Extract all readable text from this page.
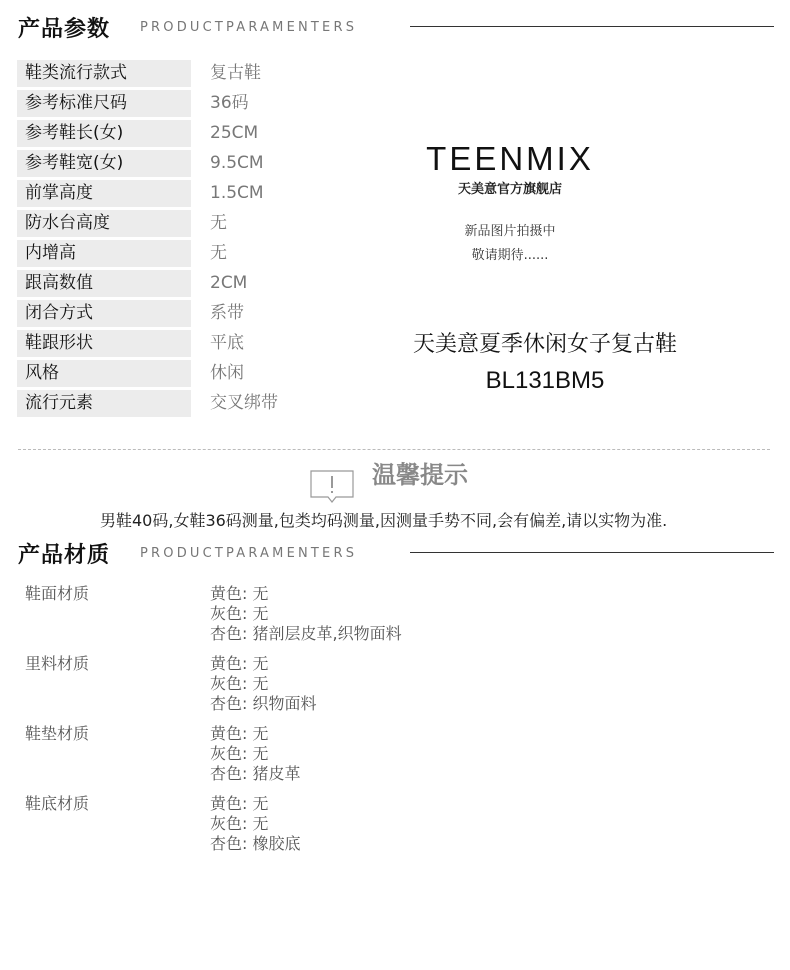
产品参数 PRODUCTPARAMENTERS
鞋类流行款式	复古鞋
参考标准尺码	36码
参考鞋长(女)	25CM
参考鞋宽(女)	9.5CM
前掌高度	1.5CM
防水台高度	无
内增高	无
跟高数值	2CM
闭合方式	系带
鞋跟形状	平底
风格	休闲
流行元素	交叉绑带
TEENMIX
天美意官方旗舰店
新品图片拍摄中
敬请期待......
天美意夏季休闲女子复古鞋
BL131BM5
温馨提示
男鞋40码,女鞋36码测量,包类均码测量,因测量手势不同,会有偏差,请以实物为准.
产品材质 PRODUCTPARAMENTERS
鞋面材质	黄色: 无
灰色: 无
杏色: 猪剖层皮革,织物面料
里料材质	黄色: 无
灰色: 无
杏色: 织物面料
鞋垫材质	黄色: 无
灰色: 无
杏色: 猪皮革
鞋底材质	黄色: 无
灰色: 无
杏色: 橡胶底
